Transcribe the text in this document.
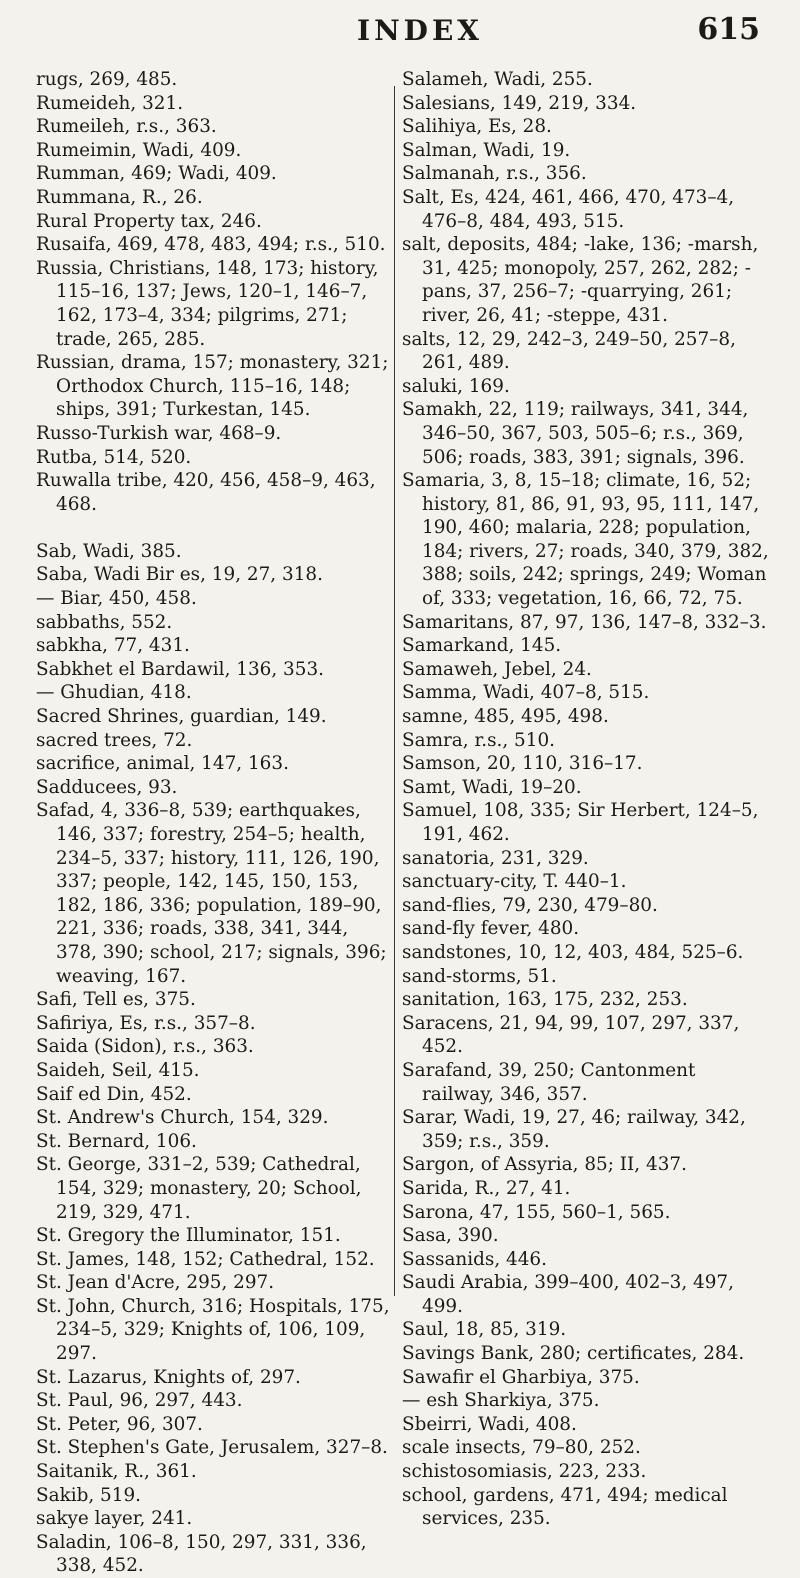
INDEX	615
rugs, 269, 485.
Rumeideh, 321.
Rumeileh, r.s., 363.
Rumeimin, Wadi, 409.
Rumman, 469; Wadi, 409.
Rummana, R., 26.
Rural Property tax, 246.
Rusaifa, 469, 478, 483, 494; r.s., 510.
Russia, Christians, 148, 173; history, 115–16, 137; Jews, 120–1, 146–7, 162, 173–4, 334; pilgrims, 271; trade, 265, 285.
Russian, drama, 157; monastery, 321; Orthodox Church, 115–16, 148; ships, 391; Turkestan, 145.
Russo-Turkish war, 468–9.
Rutba, 514, 520.
Ruwalla tribe, 420, 456, 458–9, 463, 468.
Sab, Wadi, 385.
Saba, Wadi Bir es, 19, 27, 318.
— Biar, 450, 458.
sabbaths, 552.
sabkha, 77, 431.
Sabkhet el Bardawil, 136, 353.
— Ghudian, 418.
Sacred Shrines, guardian, 149.
sacred trees, 72.
sacrifice, animal, 147, 163.
Sadducees, 93.
Safad, 4, 336–8, 539; earthquakes, 146, 337; forestry, 254–5; health, 234–5, 337; history, 111, 126, 190, 337; people, 142, 145, 150, 153, 182, 186, 336; population, 189–90, 221, 336; roads, 338, 341, 344, 378, 390; school, 217; signals, 396; weaving, 167.
Safi, Tell es, 375.
Safiriya, Es, r.s., 357–8.
Saida (Sidon), r.s., 363.
Saideh, Seil, 415.
Saif ed Din, 452.
St. Andrew's Church, 154, 329.
St. Bernard, 106.
St. George, 331–2, 539; Cathedral, 154, 329; monastery, 20; School, 219, 329, 471.
St. Gregory the Illuminator, 151.
St. James, 148, 152; Cathedral, 152.
St. Jean d'Acre, 295, 297.
St. John, Church, 316; Hospitals, 175, 234–5, 329; Knights of, 106, 109, 297.
St. Lazarus, Knights of, 297.
St. Paul, 96, 297, 443.
St. Peter, 96, 307.
St. Stephen's Gate, Jerusalem, 327–8.
Saitanik, R., 361.
Sakib, 519.
sakye layer, 241.
Saladin, 106–8, 150, 297, 331, 336, 338, 452.
Salameh, Wadi, 255.
Salesians, 149, 219, 334.
Salihiya, Es, 28.
Salman, Wadi, 19.
Salmanah, r.s., 356.
Salt, Es, 424, 461, 466, 470, 473–4, 476–8, 484, 493, 515.
salt, deposits, 484; -lake, 136; -marsh, 31, 425; monopoly, 257, 262, 282; -pans, 37, 256–7; -quarrying, 261; river, 26, 41; -steppe, 431.
salts, 12, 29, 242–3, 249–50, 257–8, 261, 489.
saluki, 169.
Samakh, 22, 119; railways, 341, 344, 346–50, 367, 503, 505–6; r.s., 369, 506; roads, 383, 391; signals, 396.
Samaria, 3, 8, 15–18; climate, 16, 52; history, 81, 86, 91, 93, 95, 111, 147, 190, 460; malaria, 228; population, 184; rivers, 27; roads, 340, 379, 382, 388; soils, 242; springs, 249; Woman of, 333; vegetation, 16, 66, 72, 75.
Samaritans, 87, 97, 136, 147–8, 332–3.
Samarkand, 145.
Samaweh, Jebel, 24.
Samma, Wadi, 407–8, 515.
samne, 485, 495, 498.
Samra, r.s., 510.
Samson, 20, 110, 316–17.
Samt, Wadi, 19–20.
Samuel, 108, 335; Sir Herbert, 124–5, 191, 462.
sanatoria, 231, 329.
sanctuary-city, T. 440–1.
sand-flies, 79, 230, 479–80.
sand-fly fever, 480.
sandstones, 10, 12, 403, 484, 525–6.
sand-storms, 51.
sanitation, 163, 175, 232, 253.
Saracens, 21, 94, 99, 107, 297, 337, 452.
Sarafand, 39, 250; Cantonment railway, 346, 357.
Sarar, Wadi, 19, 27, 46; railway, 342, 359; r.s., 359.
Sargon, of Assyria, 85; II, 437.
Sarida, R., 27, 41.
Sarona, 47, 155, 560–1, 565.
Sasa, 390.
Sassanids, 446.
Saudi Arabia, 399–400, 402–3, 497, 499.
Saul, 18, 85, 319.
Savings Bank, 280; certificates, 284.
Sawafir el Gharbiya, 375.
— esh Sharkiya, 375.
Sbeirri, Wadi, 408.
scale insects, 79–80, 252.
schistosomiasis, 223, 233.
school, gardens, 471, 494; medical services, 235.
